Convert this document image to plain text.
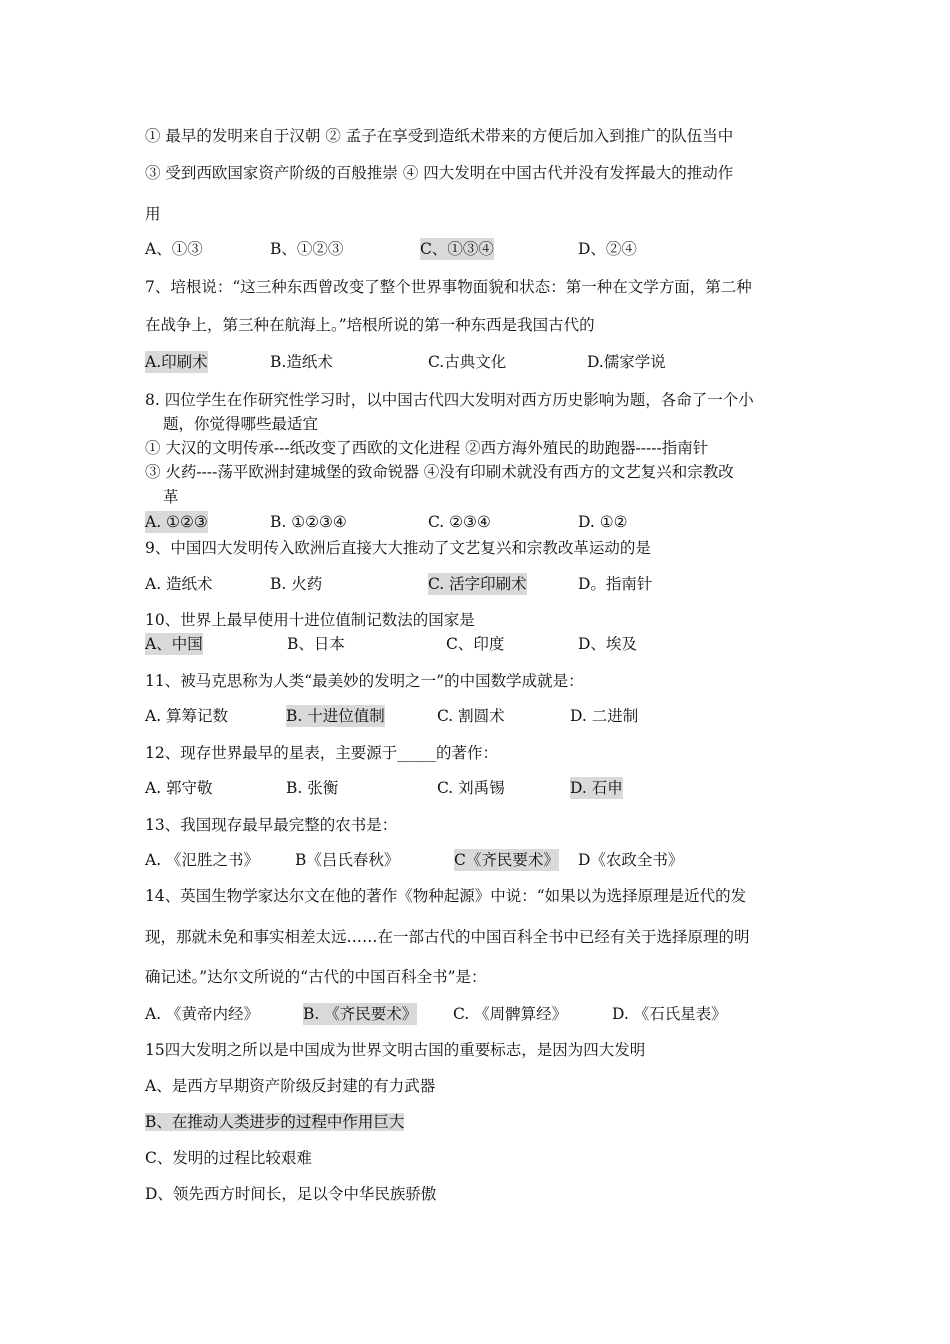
① 最早的发明来自于汉朝 ② 孟子在享受到造纸术带来的方便后加入到推广的队伍当中
③ 受到西欧国家资产阶级的百般推崇 ④ 四大发明在中国古代并没有发挥最大的推动作
用
A、①③	B、①②③	C、①③④	D、②④
7、培根说：“这三种东西曾改变了整个世界事物面貌和状态：第一种在文学方面，第二种
在战争上，第三种在航海上。”培根所说的第一种东西是我国古代的
A.印刷术	B.造纸术	C.古典文化	D.儒家学说
8. 四位学生在作研究性学习时，以中国古代四大发明对西方历史影响为题，各命了一个小
题，你觉得哪些最适宜
① 大汉的文明传承---纸改变了西欧的文化进程 ②西方海外殖民的助跑器-----指南针
③ 火药----荡平欧洲封建城堡的致命锐器 ④没有印刷术就没有西方的文艺复兴和宗教改
革
A. ①②③	B. ①②③④	C. ②③④	D. ①②
9、中国四大发明传入欧洲后直接大大推动了文艺复兴和宗教改革运动的是
A. 造纸术	B. 火药	C. 活字印刷术	D。指南针
10、世界上最早使用十进位值制记数法的国家是
A、中国	B、日本	C、印度	D、埃及
11、被马克思称为人类“最美妙的发明之一”的中国数学成就是：
A. 算筹记数	B. 十进位值制	C. 割圆术	D. 二进制
12、现存世界最早的星表，主要源于_____的著作：
A. 郭守敬	B. 张衡	C. 刘禹锡	D. 石申
13、我国现存最早最完整的农书是：
A. 《氾胜之书》 B《吕氏春秋》	C《齐民要术》 D《农政全书》
14、英国生物学家达尔文在他的著作《物种起源》中说：“如果以为选择原理是近代的发
现，那就未免和事实相差太远……在一部古代的中国百科全书中已经有关于选择原理的明
确记述。”达尔文所说的“古代的中国百科全书”是：
A. 《黄帝内经》	B. 《齐民要术》 C. 《周髀算经》	D. 《石氏星表》
15四大发明之所以是中国成为世界文明古国的重要标志，是因为四大发明
A、是西方早期资产阶级反封建的有力武器
B、在推动人类进步的过程中作用巨大
C、发明的过程比较艰难
D、领先西方时间长，足以令中华民族骄傲
